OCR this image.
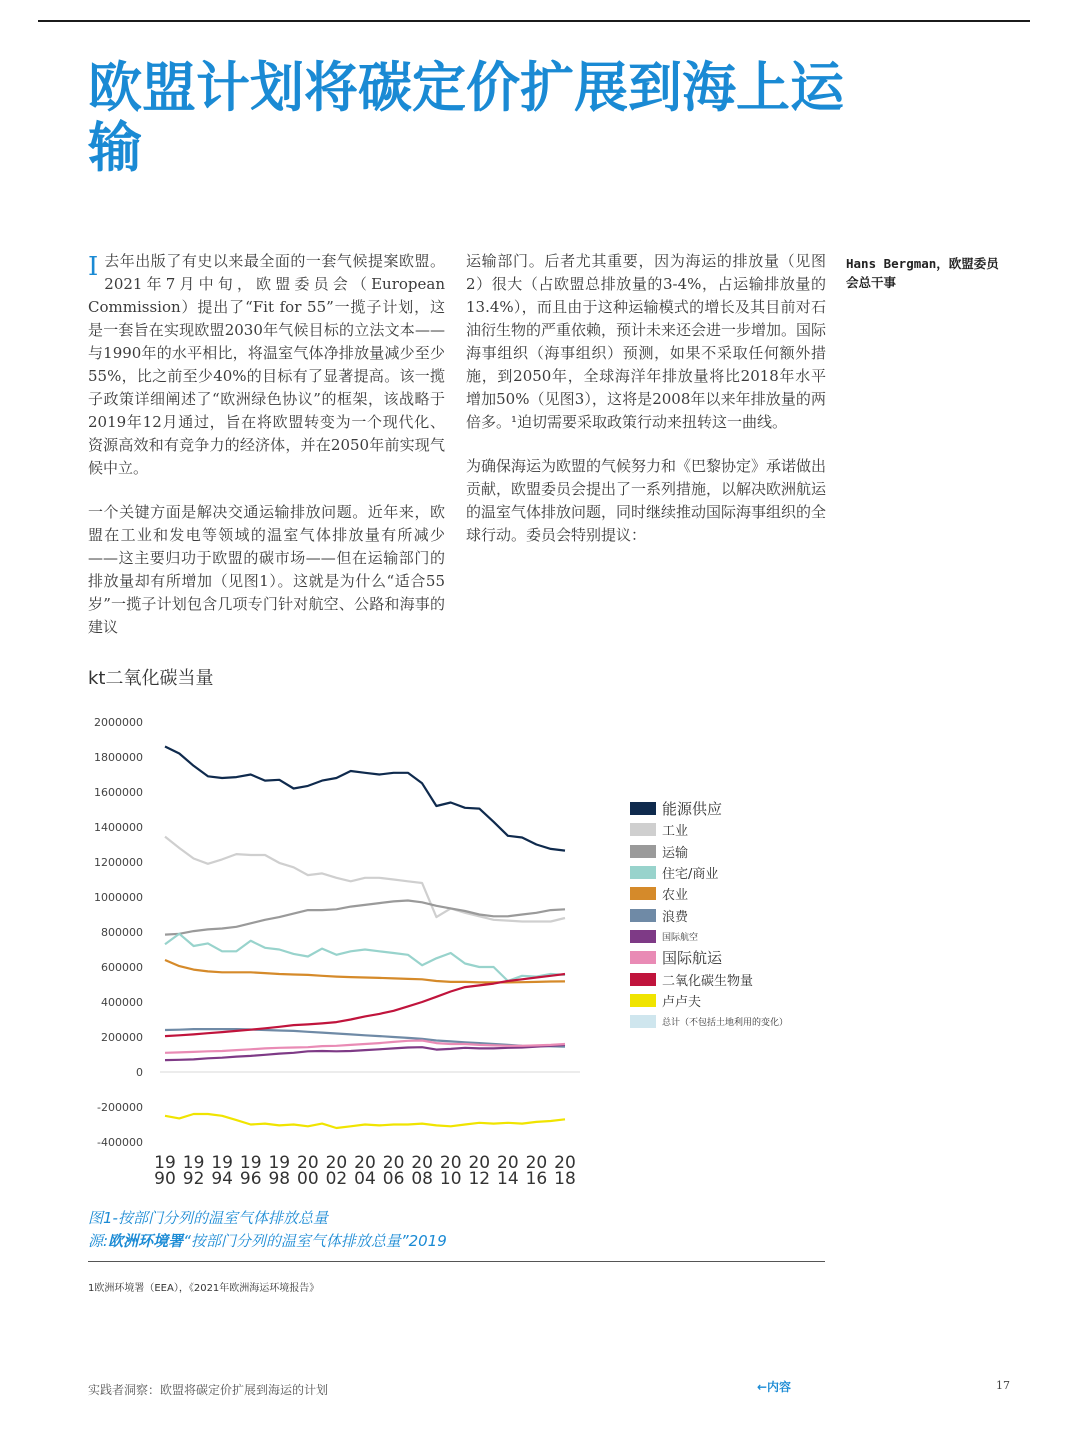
欧盟计划将碳定价扩展到海上运输

I去年出版了有史以来最全面的一套气候提案欧盟。2021年7月中旬，欧盟委员会（European Commission）提出了“Fit for 55”一揽子计划，这是一套旨在实现欧盟2030年气候目标的立法文本——与1990年的水平相比，将温室气体净排放量减少至少55%，比之前至少40%的目标有了显著提高。该一揽子政策详细阐述了“欧洲绿色协议”的框架，该战略于2019年12月通过，旨在将欧盟转变为一个现代化、资源高效和有竞争力的经济体，并在2050年前实现气候中立。

一个关键方面是解决交通运输排放问题。近年来，欧盟在工业和发电等领域的温室气体排放量有所减少——这主要归功于欧盟的碳市场——但在运输部门的排放量却有所增加（见图1）。这就是为什么“适合55岁”一揽子计划包含几项专门针对航空、公路和海事的建议

运输部门。后者尤其重要，因为海运的排放量（见图2）很大（占欧盟总排放量的3-4%，占运输排放量的13.4%），而且由于这种运输模式的增长及其目前对石油衍生物的严重依赖，预计未来还会进一步增加。国际海事组织（海事组织）预测，如果不采取任何额外措施，到2050年，全球海洋年排放量将比2018年水平增加50%（见图3），这将是2008年以来年排放量的两倍多。¹迫切需要采取政策行动来扭转这一曲线。

为确保海运为欧盟的气候努力和《巴黎协定》承诺做出贡献，欧盟委员会提出了一系列措施，以解决欧洲航运的温室气体排放问题，同时继续推动国际海事组织的全球行动。委员会特别提议：

Hans Bergman，欧盟委员
会总干事
kt二氧化碳当量
2000000
1800000
1600000
1400000
1200000
1000000
800000
600000
400000
200000
0
-200000
-400000
19
90
19
92
19
94
19
96
19
98
20
00
20
02
20
04
20
06
20
08
20
10
20
12
20
14
20
16
20
18
能源供应
工业
运输
住宅/商业
农业
浪费
国际航空
国际航运
二氧化碳生物量
卢卢夫
总计（不包括土地利用的变化）
图1-按部门分列的温室气体排放总量
源:欧洲环境署“按部门分列的温室气体排放总量”2019
1欧洲环境署（EEA），《2021年欧洲海运环境报告》
实践者洞察：欧盟将碳定价扩展到海运的计划	←内容	17
